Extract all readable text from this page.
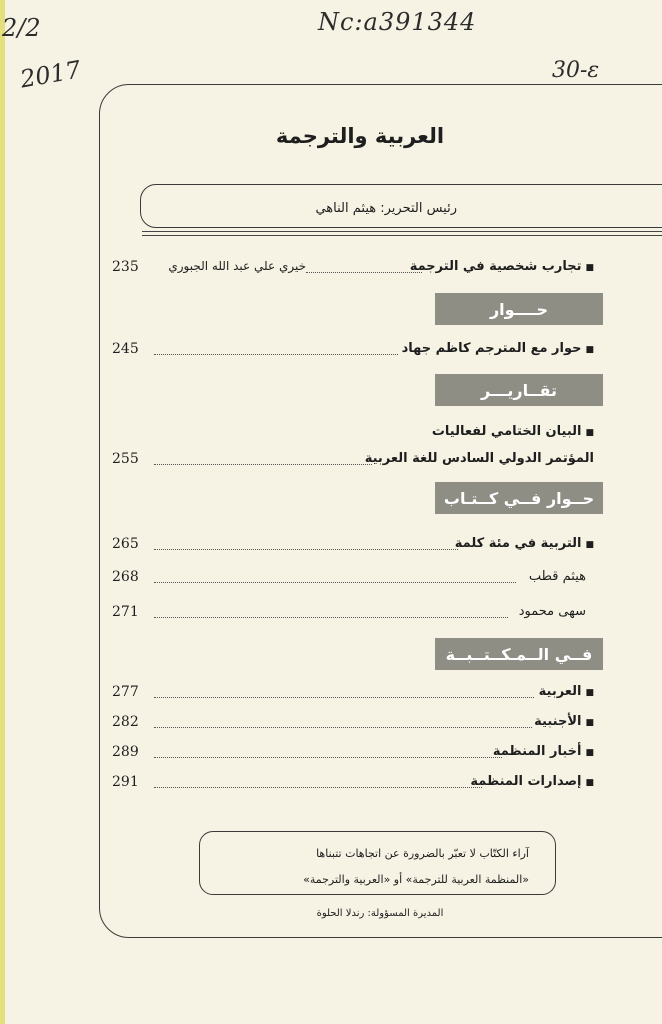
2/2	Nc:a391344
2017	30-ε
العربية والترجمة
رئيس التحرير: هيثم الناهي
235 خيري علي عبد الله الجبوري	■ تجارب شخصية في الترجمة
حــــوار
245	■ حوار مع المترجم كاظم جهاد
تقــاريـــر
■ البيان الختامي لفعاليات
255	المؤتمر الدولي السادس للغة العربية
حــوار فــي كــتـاب
265	■ التربية في مئة كلمة
268	هيثم قطب
271	سهى محمود
فــي الــمـكــتــبــة
277	■ العربية
282	■ الأجنبية
289	■ أخبار المنظمة
291	■ إصدارات المنظمة
آراء الكتّاب لا تعبّر بالضرورة عن اتجاهات تتبناها
«المنظمة العربية للترجمة» أو «العربية والترجمة»
المديرة المسؤولة: رندلا الحلوة
